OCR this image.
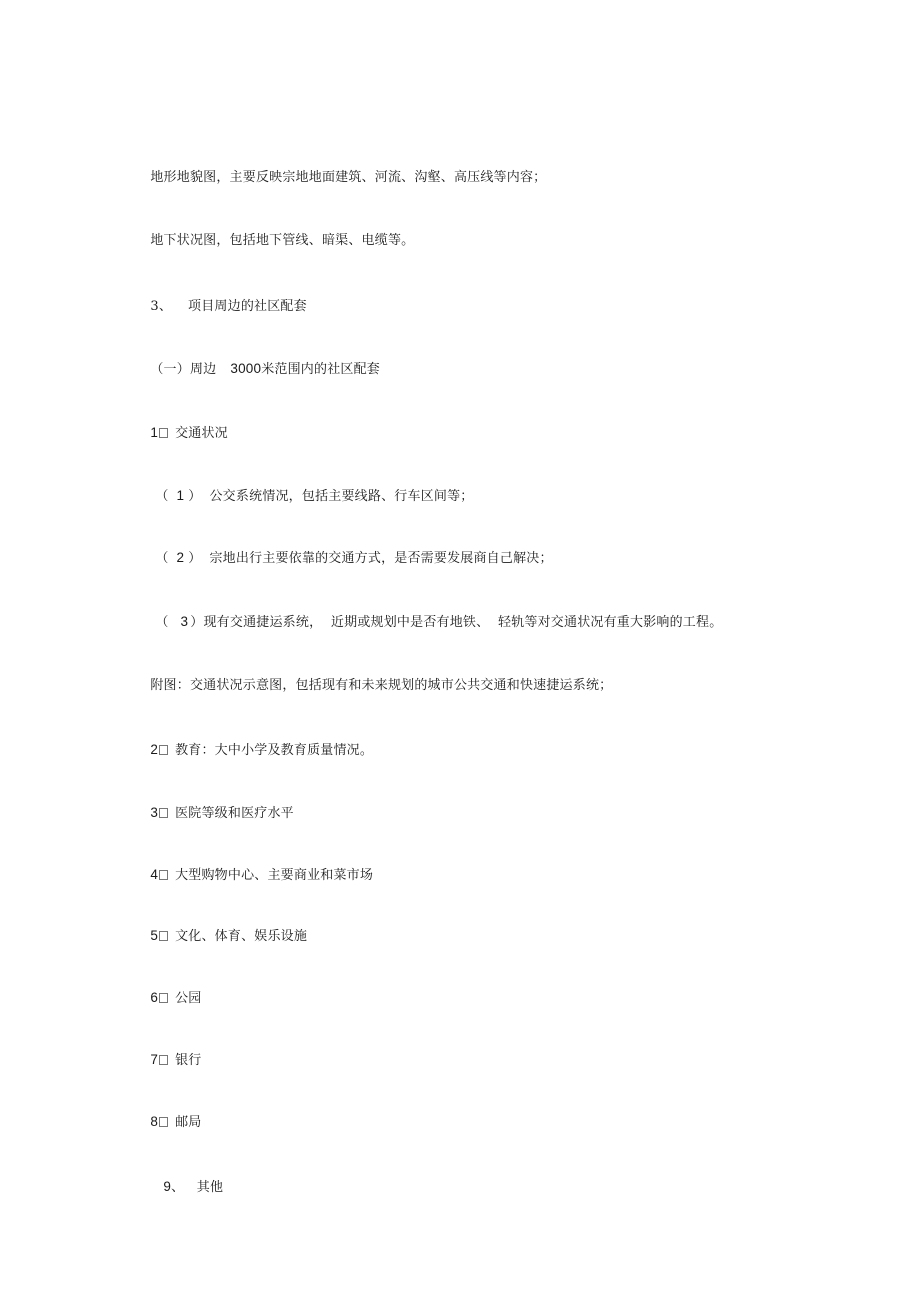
地形地貌图，主要反映宗地地面建筑、河流、沟壑、高压线等内容；

地下状况图，包括地下管线、暗渠、电缆等。

3、 项目周边的社区配套

（一）周边 3000米范围内的社区配套

1 交通状况

（ 1 ） 公交系统情况，包括主要线路、行车区间等；

（ 2 ） 宗地出行主要依靠的交通方式，是否需要发展商自己解决；

（ 3 ）现有交通捷运系统，  近期或规划中是否有地铁、  轻轨等对交通状况有重大影响的工程。

附图：交通状况示意图，包括现有和未来规划的城市公共交通和快速捷运系统；

2 教育：大中小学及教育质量情况。

3 医院等级和医疗水平

4 大型购物中心、主要商业和菜市场

5 文化、体育、娱乐设施

6 公园

7 银行

8 邮局

9、 其他
